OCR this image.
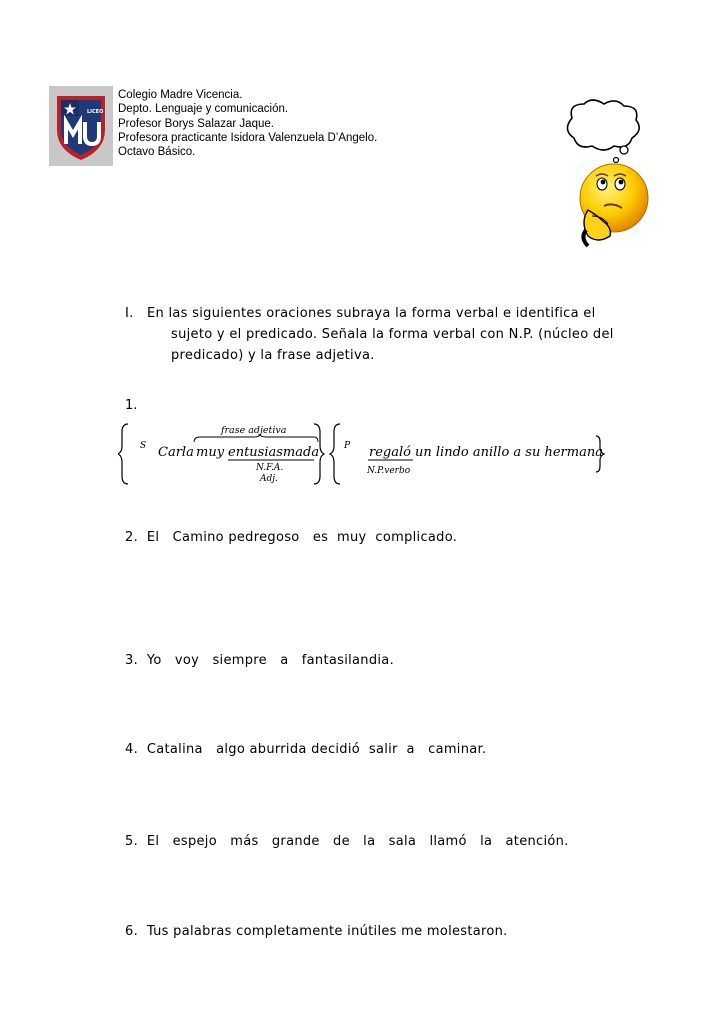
LICEO
Colegio Madre Vicencia.
Depto. Lenguaje y comunicación.
Profesor Borys Salazar Jaque.
Profesora practicante Isidora Valenzuela D’Angelo.
Octavo Básico.
I. En las siguientes oraciones subraya la forma verbal e identifica el
sujeto y el predicado. Señala la forma verbal con N.P. (núcleo del
predicado) y la frase adjetiva.
1.
S	P
frase adjetiva
Carla muy entusiasmada
N.F.A.
Adj.
regaló un lindo anillo a su hermana
N.P.verbo
2.  El   Camino pedregoso   es  muy  complicado.
3.  Yo   voy   siempre   a   fantasilandia.
4.  Catalina   algo aburrida decidió  salir  a   caminar.
5.  El   espejo   más   grande   de   la   sala   llamó   la   atención.
6.  Tus palabras completamente inútiles me molestaron.
